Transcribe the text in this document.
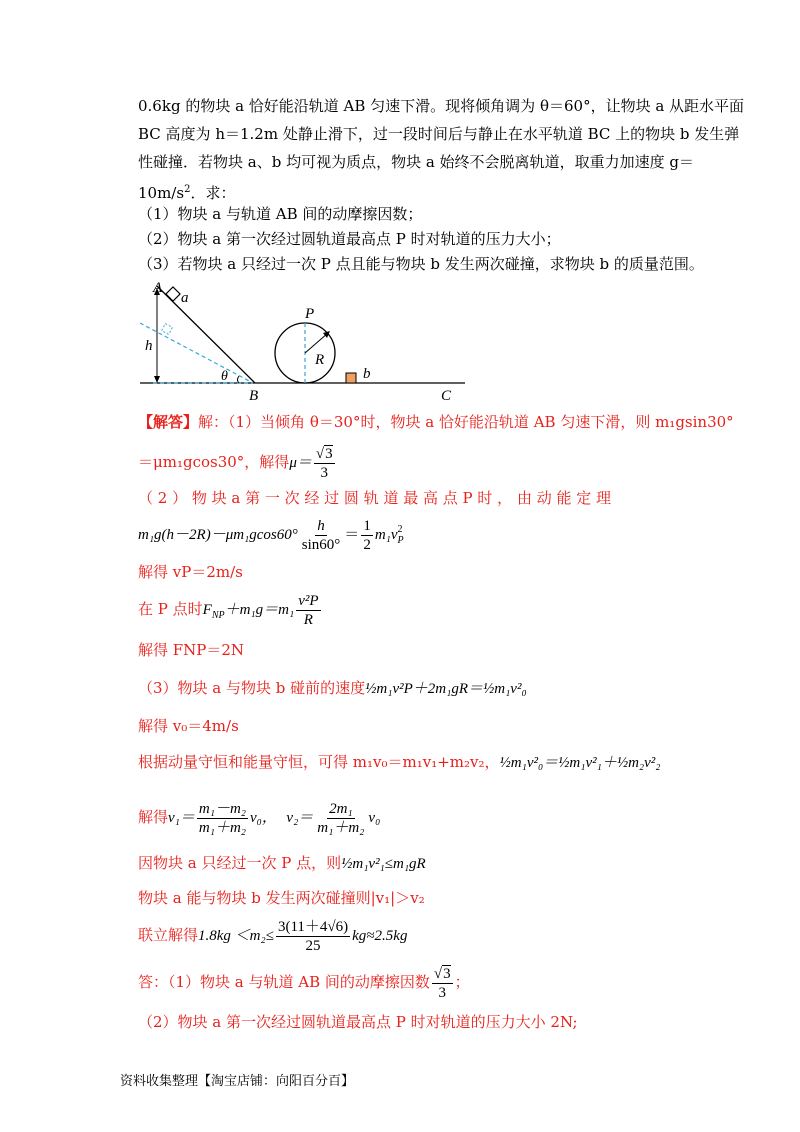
0.6kg 的物块 a 恰好能沿轨道 AB 匀速下滑。现将倾角调为 θ＝60°，让物块 a 从距水平面
BC 高度为 h＝1.2m 处静止滑下，过一段时间后与静止在水平轨道 BC 上的物块 b 发生弹
性碰撞．若物块 a、b 均可视为质点，物块 a 始终不会脱离轨道，取重力加速度 g＝
$10m/s^2$．求：
（1）物块 a 与轨道 AB 间的动摩擦因数；
（2）物块 a 第一次经过圆轨道最高点 P 时对轨道的压力大小；
（3）若物块 a 只经过一次 P 点且能与物块 b 发生两次碰撞，求物块 b 的质量范围。
A
a
h
θ
B
P
R
b
C
【解答】解：（1）当倾角 θ＝30°时，物块 a 恰好能沿轨道 AB 匀速下滑，则 m₁gsin30°
＝μm₁gcos30°，解得$\mu= \frac{√3}{3}$
（ 2 ） 物 块 a 第 一 次 经 过 圆 轨 道 最 高 点 P 时 ， 由 动 能 定 理
$m_1g(h-2R)-\mu m_1gcos60^\circ \frac{h}{\sin 60^\circ} = \frac{1}{2} m_1v$ 2
P
解得 vP＝2m/s
在 P 点时$F_{NP}+m_1g=m_1 \frac{\text{v²P}}{R}$
解得 FNP＝2N
（3）物块 a 与物块 b 碰前的速度½m₁v²P＋2m₁gR＝½m₁v²₀
解得 v₀＝4m/s
根据动量守恒和能量守恒，可得 m₁v₀＝m₁v₁+m₂v₂，½m₁v²₀＝½m₁v²₁＋½m₂v²₂
解得$v_1= \frac{\text{m₁－m₂}}{\text{m₁＋m₂}} v_0$， $v_2= \frac{\text{2m₁}}{\text{m₁＋m₂}} v_0$
因物块 a 只经过一次 P 点，则½m₁v²₁≤m₁gR
物块 a 能与物块 b 发生两次碰撞则|v₁|＞v₂
联立解得$1.8kg <m_2\le \frac{3(11+4√6)}{25} kg\approx 2.5kg$
答：（1）物块 a 与轨道 AB 间的动摩擦因数 $\frac{√3}{3}$ ；
（2）物块 a 第一次经过圆轨道最高点 P 时对轨道的压力大小 2N;
资料收集整理【淘宝店铺：向阳百分百】
